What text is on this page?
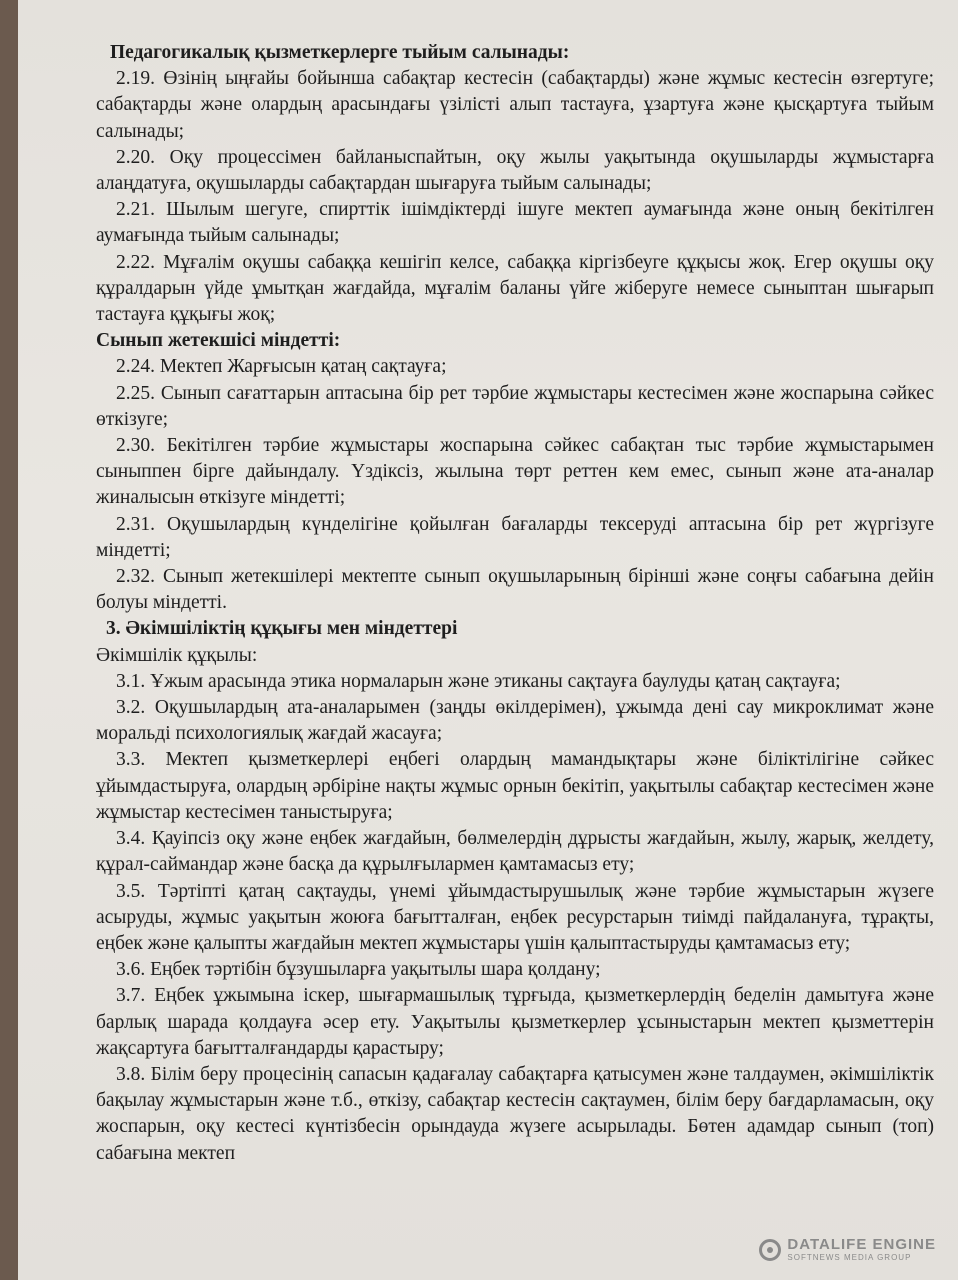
Педагогикалық қызметкерлерге тыйым салынады:

2.19. Өзінің ыңғайы бойынша сабақтар кестесін (сабақтарды) және жұмыс кестесін өзгертуге; сабақтарды және олардың арасындағы үзілісті алып тастауға, ұзартуға және қысқартуға тыйым салынады;

2.20. Оқу процессімен байланыспайтын, оқу жылы уақытында оқушыларды жұмыстарға алаңдатуға, оқушыларды сабақтардан шығаруға тыйым салынады;

2.21. Шылым шегуге, спирттік ішімдіктерді ішуге мектеп аумағында және оның бекітілген аумағында тыйым салынады;

2.22. Мұғалім оқушы сабаққа кешігіп келсе, сабаққа кіргізбеуге құқысы жоқ. Егер оқушы оқу құралдарын үйде ұмытқан жағдайда, мұғалім баланы үйге жіберуге немесе сыныптан шығарып тастауға құқығы жоқ;

Сынып жетекшісі міндетті:

2.24. Мектеп Жарғысын қатаң сақтауға;

2.25. Сынып сағаттарын аптасына бір рет тәрбие жұмыстары кестесімен және жоспарына сәйкес өткізуге;

2.30. Бекітілген тәрбие жұмыстары жоспарына сәйкес сабақтан тыс тәрбие жұмыстарымен сыныппен бірге дайындалу. Үздіксіз, жылына төрт реттен кем емес, сынып және ата-аналар жиналысын өткізуге міндетті;

2.31. Оқушылардың күнделігіне қойылған бағаларды тексеруді аптасына бір рет жүргізуге міндетті;

2.32. Сынып жетекшілері мектепте сынып оқушыларының бірінші және соңғы сабағына дейін болуы міндетті.

3. Әкімшіліктің құқығы мен міндеттері

Әкімшілік құқылы:

3.1. Ұжым арасында этика нормаларын және этиканы сақтауға баулуды қатаң сақтауға;

3.2. Оқушылардың ата-аналарымен (заңды өкілдерімен), ұжымда дені сау микроклимат және моральді психологиялық жағдай жасауға;

3.3. Мектеп қызметкерлері еңбегі олардың мамандықтары және біліктілігіне сәйкес ұйымдастыруға, олардың әрбіріне нақты жұмыс орнын бекітіп, уақытылы сабақтар кестесімен және жұмыстар кестесімен таныстыруға;

3.4. Қауіпсіз оқу және еңбек жағдайын, бөлмелердің дұрысты жағдайын, жылу, жарық, желдету, құрал-саймандар және басқа да құрылғылармен қамтамасыз ету;

3.5. Тәртіпті қатаң сақтауды, үнемі ұйымдастырушылық және тәрбие жұмыстарын жүзеге асыруды, жұмыс уақытын жоюға бағытталған, еңбек ресурстарын тиімді пайдалануға, тұрақты, еңбек және қалыпты жағдайын мектеп жұмыстары үшін қалыптастыруды қамтамасыз ету;

3.6. Еңбек тәртібін бұзушыларға уақытылы шара қолдану;

3.7. Еңбек ұжымына іскер, шығармашылық тұрғыда, қызметкерлердің беделін дамытуға және барлық шарада қолдауға әсер ету. Уақытылы қызметкерлер ұсыныстарын мектеп қызметтерін жақсартуға бағытталғандарды қарастыру;

3.8. Білім беру процесінің сапасын қадағалау сабақтарға қатысумен және талдаумен, әкімшіліктік бақылау жұмыстарын және т.б., өткізу, сабақтар кестесін сақтаумен, білім беру бағдарламасын, оқу жоспарын, оқу кестесі күнтізбесін орындауда жүзеге асырылады. Бөтен адамдар сынып (топ) сабағына мектеп

DATALIFE ENGINE
SOFTNEWS MEDIA GROUP
